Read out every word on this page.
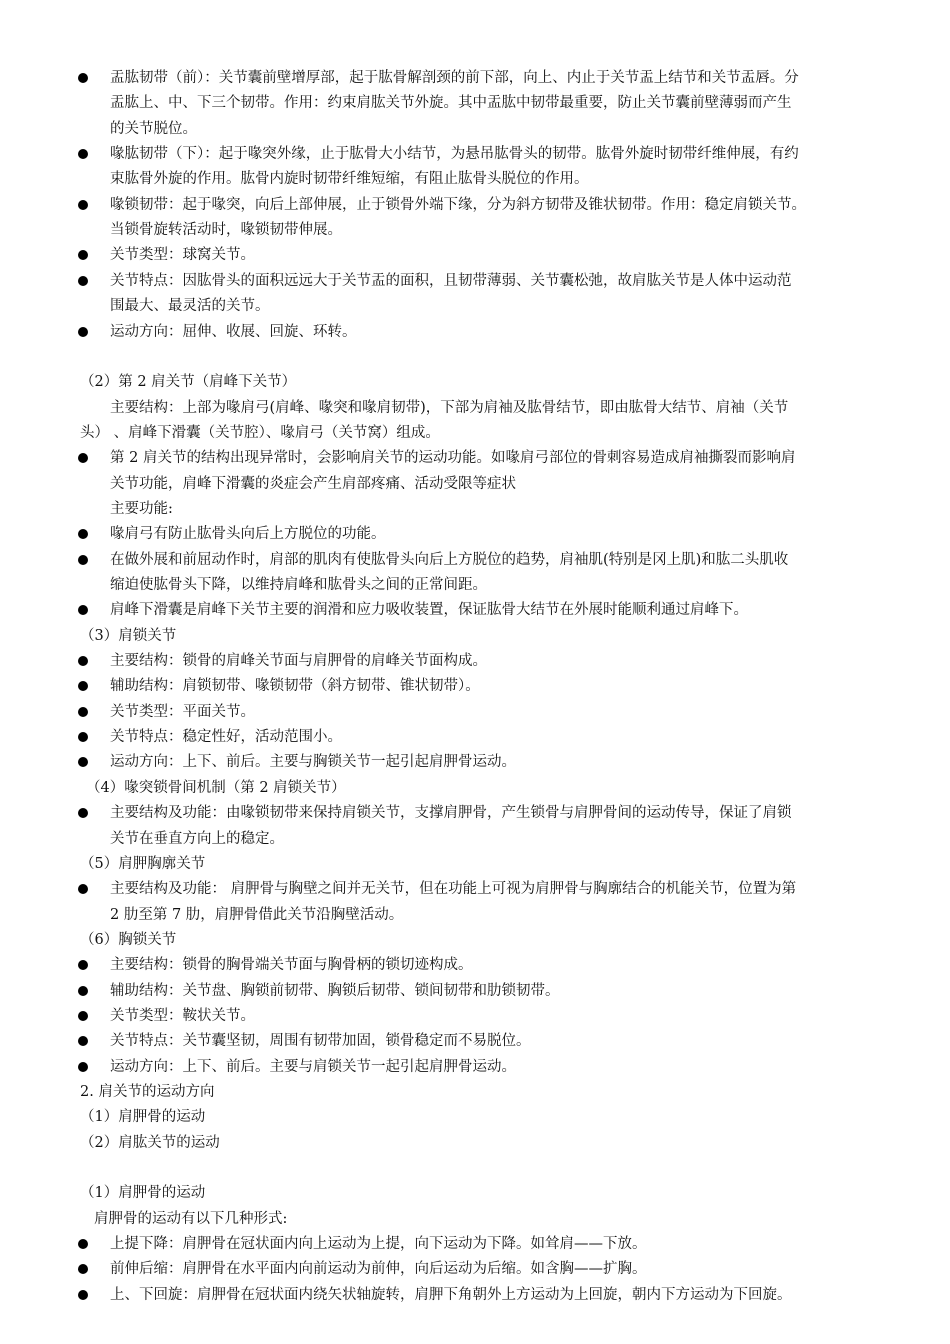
盂肱韧带（前）：关节囊前壁增厚部，起于肱骨解剖颈的前下部，向上、内止于关节盂上结节和关节盂唇。分
盂肱上、中、下三个韧带。作用：约束肩肱关节外旋。其中盂肱中韧带最重要，防止关节囊前壁薄弱而产生
的关节脱位。
喙肱韧带（下）：起于喙突外缘，止于肱骨大小结节，为悬吊肱骨头的韧带。肱骨外旋时韧带纤维伸展，有约
束肱骨外旋的作用。肱骨内旋时韧带纤维短缩，有阻止肱骨头脱位的作用。
喙锁韧带：起于喙突，向后上部伸展，止于锁骨外端下缘，分为斜方韧带及锥状韧带。作用：稳定肩锁关节。
当锁骨旋转活动时，喙锁韧带伸展。
关节类型：球窝关节。
关节特点：因肱骨头的面积远远大于关节盂的面积，且韧带薄弱、关节囊松弛，故肩肱关节是人体中运动范
围最大、最灵活的关节。
运动方向：屈伸、收展、回旋、环转。
（2）第 2 肩关节（肩峰下关节）
主要结构：上部为喙肩弓(肩峰、喙突和喙肩韧带)，下部为肩袖及肱骨结节，即由肱骨大结节、肩袖（关节
头） 、肩峰下滑囊（关节腔）、喙肩弓（关节窝）组成。
第 2 肩关节的结构出现异常时，会影响肩关节的运动功能。如喙肩弓部位的骨刺容易造成肩袖撕裂而影响肩
关节功能，肩峰下滑囊的炎症会产生肩部疼痛、活动受限等症状
主要功能:
喙肩弓有防止肱骨头向后上方脱位的功能。
在做外展和前屈动作时，肩部的肌肉有使肱骨头向后上方脱位的趋势，肩袖肌(特别是冈上肌)和肱二头肌收
缩迫使肱骨头下降，以维持肩峰和肱骨头之间的正常间距。
肩峰下滑囊是肩峰下关节主要的润滑和应力吸收装置，保证肱骨大结节在外展时能顺利通过肩峰下。
（3）肩锁关节
主要结构：锁骨的肩峰关节面与肩胛骨的肩峰关节面构成。
辅助结构：肩锁韧带、喙锁韧带（斜方韧带、锥状韧带）。
关节类型：平面关节。
关节特点：稳定性好，活动范围小。
运动方向：上下、前后。主要与胸锁关节一起引起肩胛骨运动。
（4）喙突锁骨间机制（第 2 肩锁关节）
主要结构及功能：由喙锁韧带来保持肩锁关节，支撑肩胛骨，产生锁骨与肩胛骨间的运动传导，保证了肩锁
关节在垂直方向上的稳定。
（5）肩胛胸廓关节
主要结构及功能： 肩胛骨与胸壁之间并无关节，但在功能上可视为肩胛骨与胸廓结合的机能关节，位置为第
2 肋至第 7 肋，肩胛骨借此关节沿胸壁活动。
（6）胸锁关节
主要结构：锁骨的胸骨端关节面与胸骨柄的锁切迹构成。
辅助结构：关节盘、胸锁前韧带、胸锁后韧带、锁间韧带和肋锁韧带。
关节类型：鞍状关节。
关节特点：关节囊坚韧，周围有韧带加固，锁骨稳定而不易脱位。
运动方向：上下、前后。主要与肩锁关节一起引起肩胛骨运动。
2. 肩关节的运动方向
（1）肩胛骨的运动
（2）肩肱关节的运动
（1）肩胛骨的运动
肩胛骨的运动有以下几种形式:
上提下降：肩胛骨在冠状面内向上运动为上提，向下运动为下降。如耸肩——下放。
前伸后缩：肩胛骨在水平面内向前运动为前伸，向后运动为后缩。如含胸——扩胸。
上、下回旋：肩胛骨在冠状面内绕矢状轴旋转，肩胛下角朝外上方运动为上回旋，朝内下方运动为下回旋。
